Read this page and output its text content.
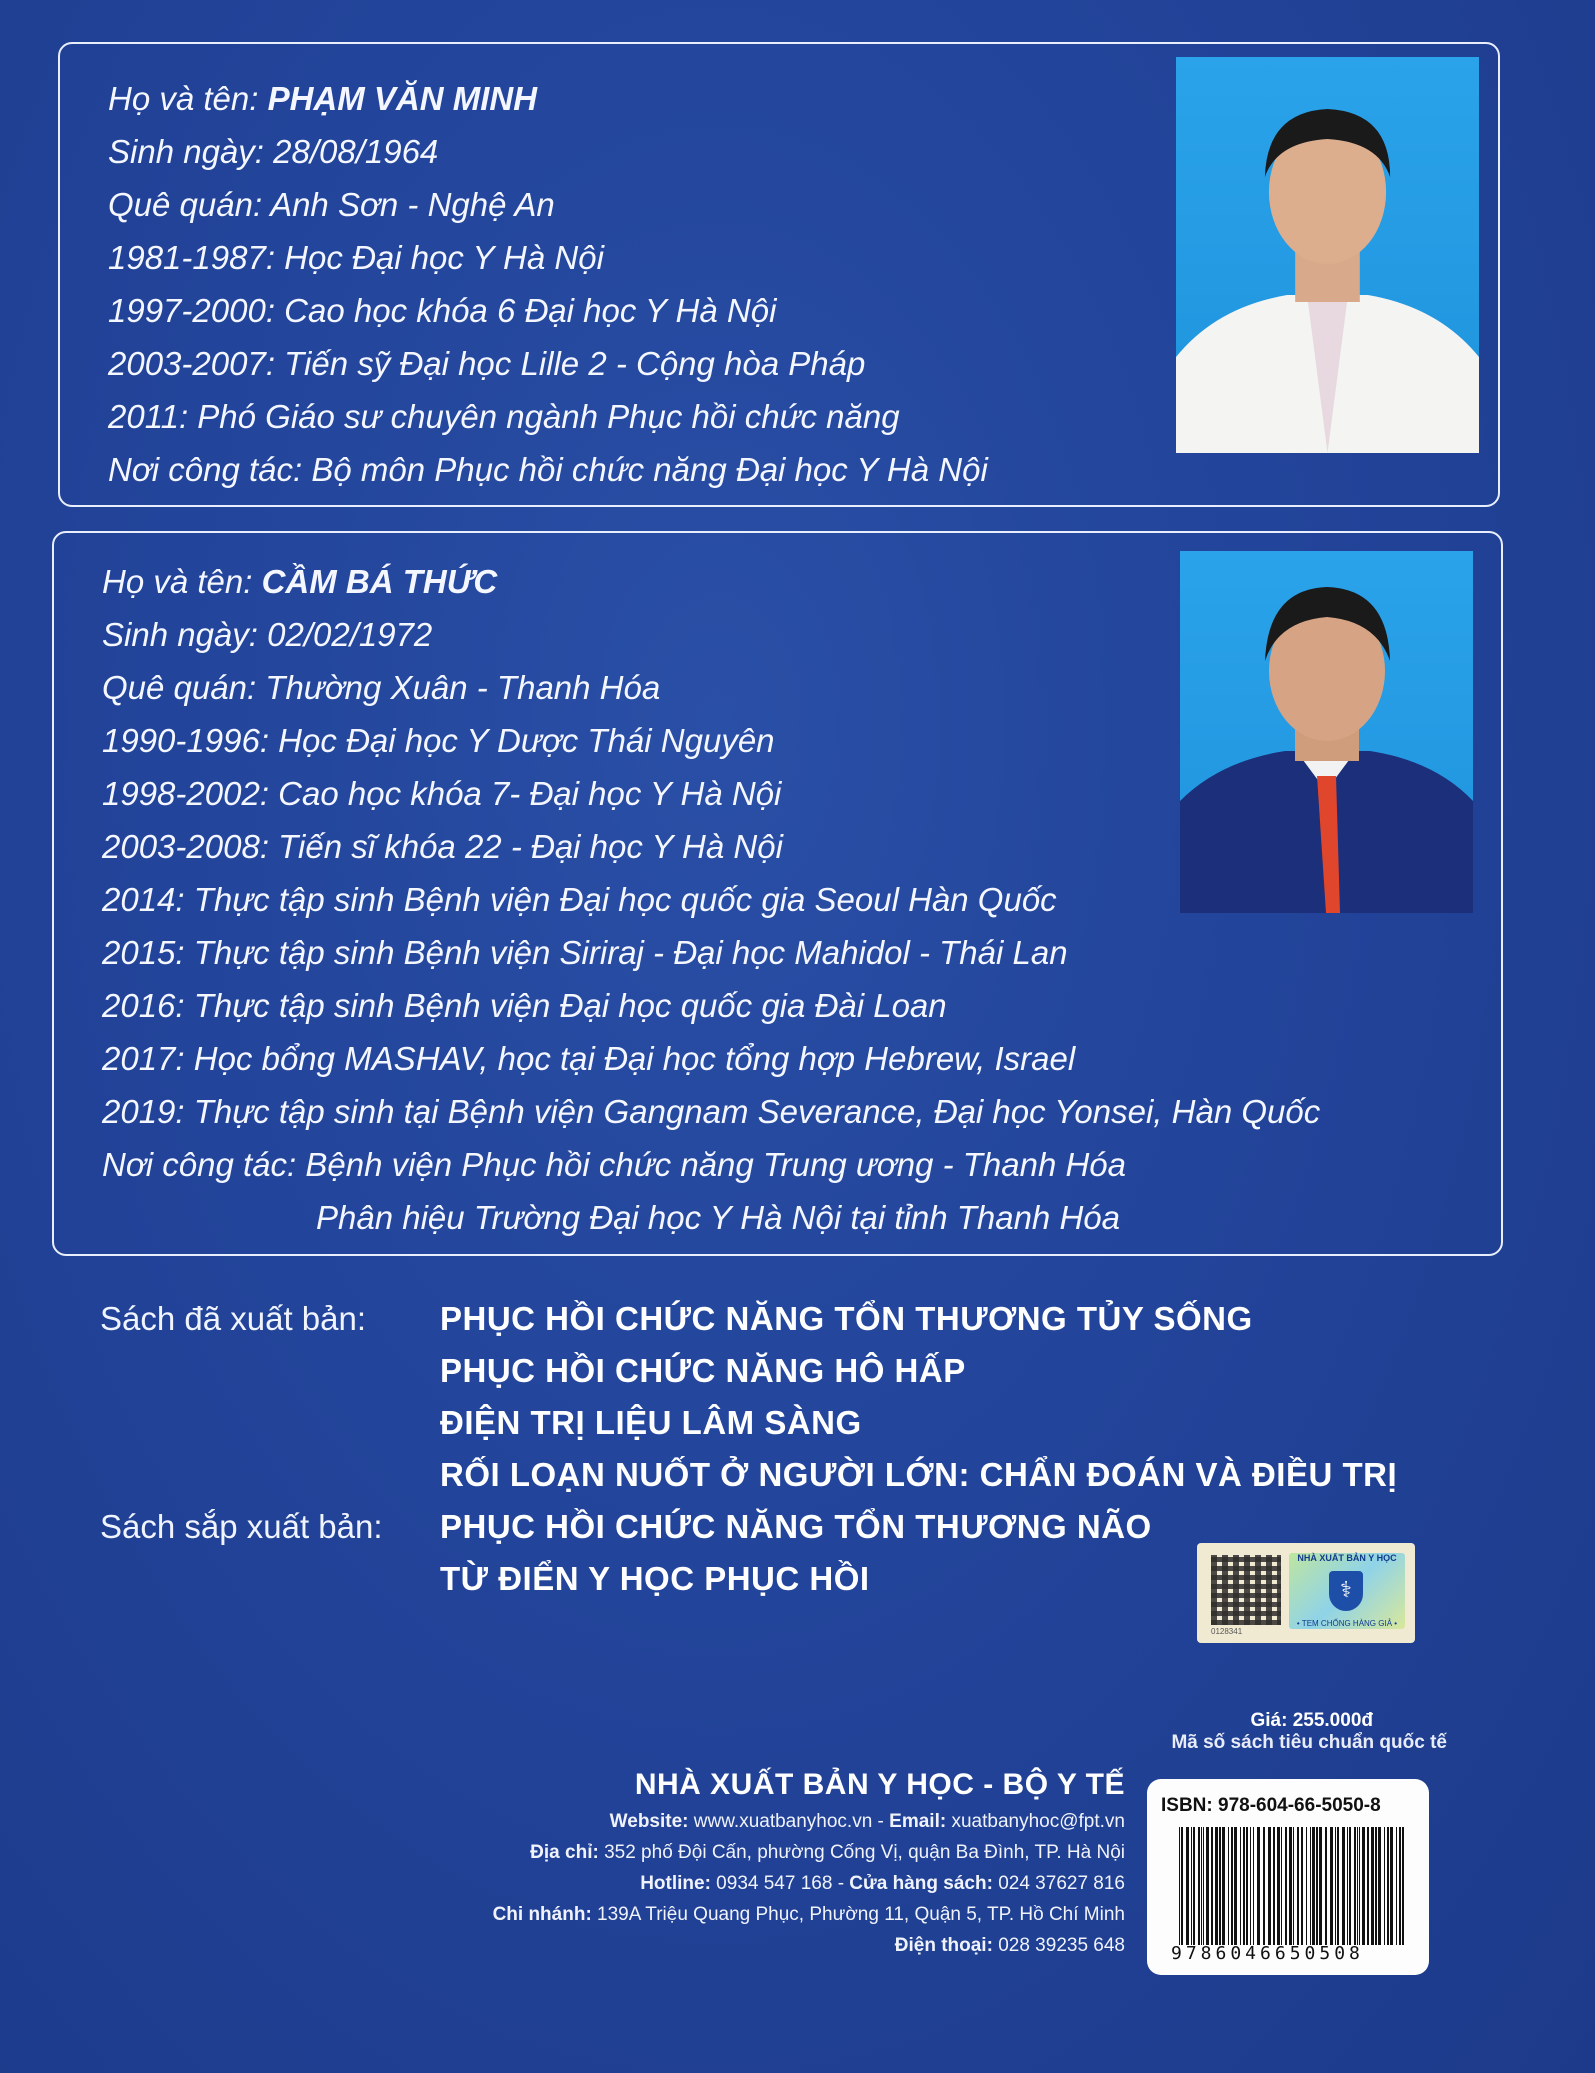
Họ và tên: PHẠM VĂN MINH
Sinh ngày: 28/08/1964
Quê quán: Anh Sơn - Nghệ An
1981-1987: Học Đại học Y Hà Nội
1997-2000: Cao học khóa 6 Đại học Y Hà Nội
2003-2007: Tiến sỹ Đại học Lille 2 - Cộng hòa Pháp
2011: Phó Giáo sư chuyên ngành Phục hồi chức năng
Nơi công tác: Bộ môn Phục hồi chức năng Đại học Y Hà Nội
Họ và tên: CẦM BÁ THỨC
Sinh ngày: 02/02/1972
Quê quán: Thường Xuân - Thanh Hóa
1990-1996: Học Đại học Y Dược Thái Nguyên
1998-2002: Cao học khóa 7- Đại học Y Hà Nội
2003-2008: Tiến sĩ khóa 22 - Đại học Y Hà Nội
2014: Thực tập sinh Bệnh viện Đại học quốc gia Seoul Hàn Quốc
2015: Thực tập sinh Bệnh viện Siriraj - Đại học Mahidol - Thái Lan
2016: Thực tập sinh Bệnh viện Đại học quốc gia Đài Loan
2017: Học bổng MASHAV, học tại Đại học tổng hợp Hebrew, Israel
2019: Thực tập sinh tại Bệnh viện Gangnam Severance, Đại học Yonsei, Hàn Quốc
Nơi công tác: Bệnh viện Phục hồi chức năng Trung ương - Thanh Hóa
Phân hiệu Trường Đại học Y Hà Nội tại tỉnh Thanh Hóa
Sách đã xuất bản:	PHỤC HỒI CHỨC NĂNG TỔN THƯƠNG TỦY SỐNG
PHỤC HỒI CHỨC NĂNG HÔ HẤP
ĐIỆN TRỊ LIỆU LÂM SÀNG
RỐI LOẠN NUỐT Ở NGƯỜI LỚN: CHẨN ĐOÁN VÀ ĐIỀU TRỊ
Sách sắp xuất bản:	PHỤC HỒI CHỨC NĂNG TỔN THƯƠNG NÃO
TỪ ĐIỂN Y HỌC PHỤC HỒI
NHÀ XUẤT BẢN Y HỌC
⚕
• TEM CHỐNG HÀNG GIẢ •
0128341
Giá: 255.000đ
Mã số sách tiêu chuẩn quốc tế
NHÀ XUẤT BẢN Y HỌC - BỘ Y TẾ
Website: www.xuatbanyhoc.vn - Email: xuatbanyhoc@fpt.vn
Địa chỉ: 352 phố Đội Cấn, phường Cống Vị, quận Ba Đình, TP. Hà Nội
Hotline: 0934 547 168 - Cửa hàng sách: 024 37627 816
Chi nhánh: 139A Triệu Quang Phục, Phường 11, Quận 5, TP. Hồ Chí Minh
Điện thoại: 028 39235 648
ISBN: 978-604-66-5050-8
9786046650508
